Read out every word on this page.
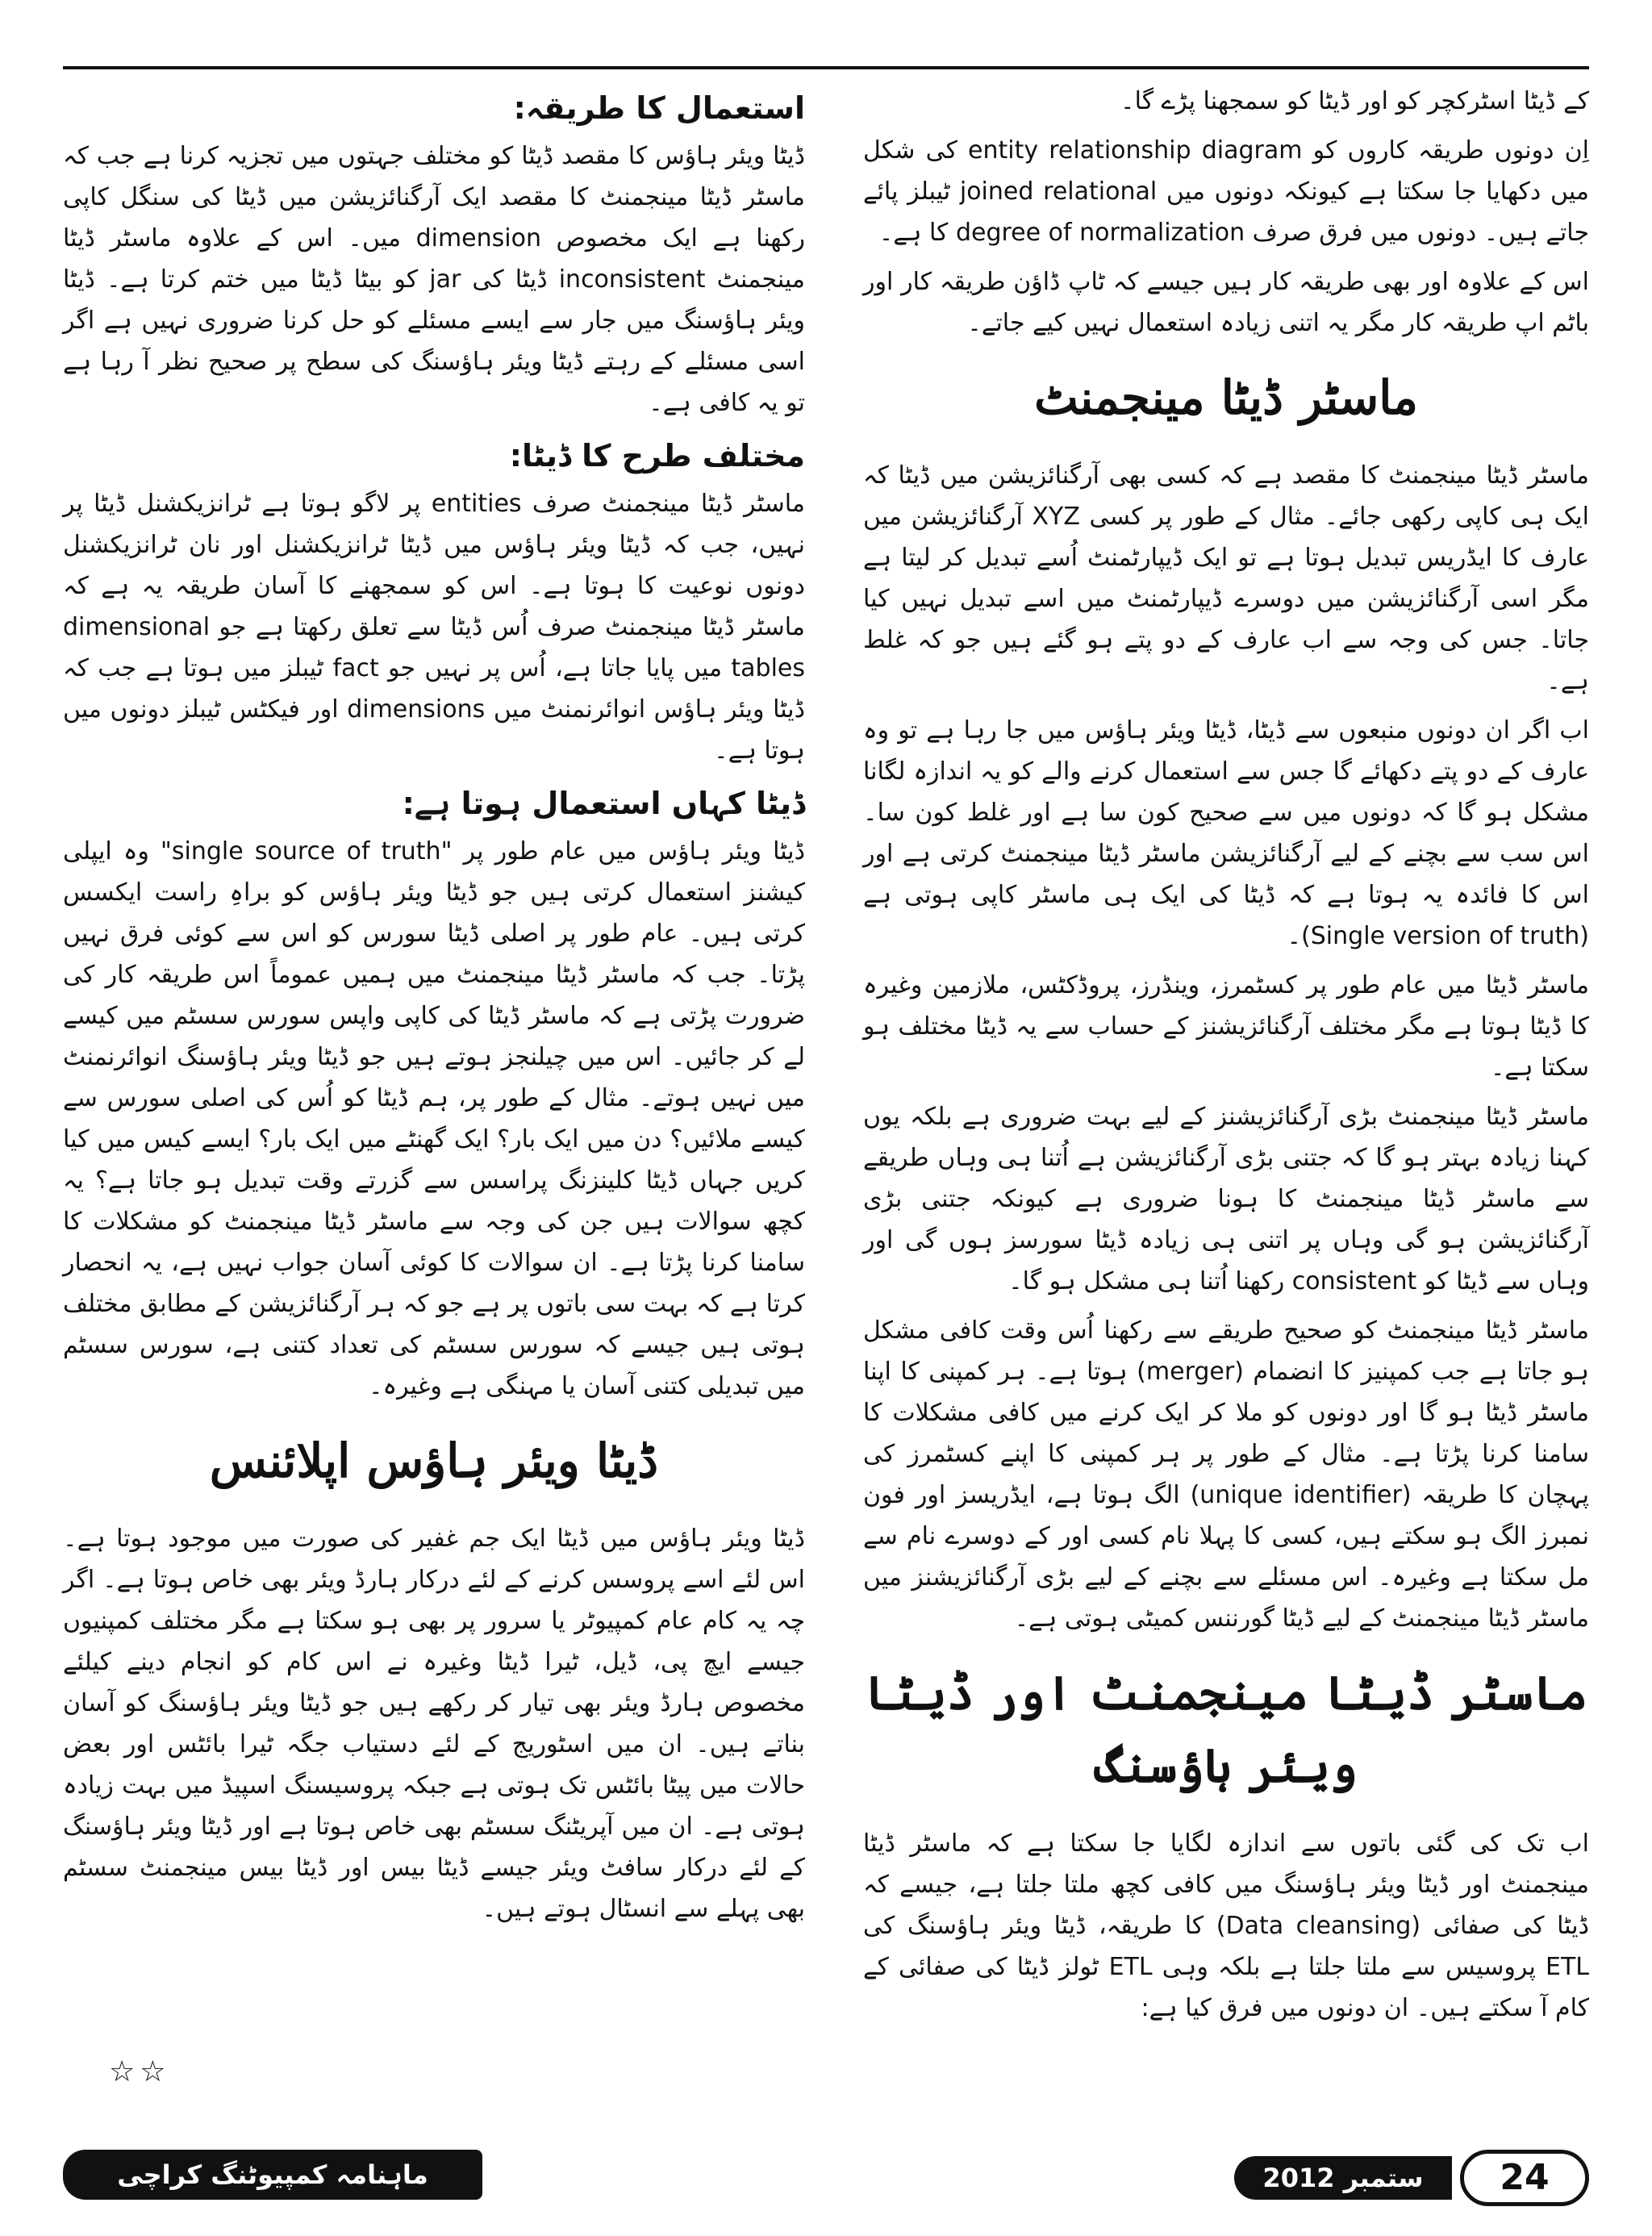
کے ڈیٹا اسٹرکچر کو اور ڈیٹا کو سمجھنا پڑے گا۔

اِن دونوں طریقہ کاروں کو entity relationship diagram کی شکل میں دکھایا جا سکتا ہے کیونکہ دونوں میں joined relational ٹیبلز پائے جاتے ہیں۔ دونوں میں فرق صرف degree of normalization کا ہے۔

اس کے علاوہ اور بھی طریقہ کار ہیں جیسے کہ ٹاپ ڈاؤن طریقہ کار اور باٹم اپ طریقہ کار مگر یہ اتنی زیادہ استعمال نہیں کیے جاتے۔

ماسٹر ڈیٹا مینجمنٹ

ماسٹر ڈیٹا مینجمنٹ کا مقصد ہے کہ کسی بھی آرگنائزیشن میں ڈیٹا کہ ایک ہی کاپی رکھی جائے۔ مثال کے طور پر کسی XYZ آرگنائزیشن میں عارف کا ایڈریس تبدیل ہوتا ہے تو ایک ڈیپارٹمنٹ اُسے تبدیل کر لیتا ہے مگر اسی آرگنائزیشن میں دوسرے ڈیپارٹمنٹ میں اسے تبدیل نہیں کیا جاتا۔ جس کی وجہ سے اب عارف کے دو پتے ہو گئے ہیں جو کہ غلط ہے۔

اب اگر ان دونوں منبعوں سے ڈیٹا، ڈیٹا ویئر ہاؤس میں جا رہا ہے تو وہ عارف کے دو پتے دکھائے گا جس سے استعمال کرنے والے کو یہ اندازہ لگانا مشکل ہو گا کہ دونوں میں سے صحیح کون سا ہے اور غلط کون سا۔ اس سب سے بچنے کے لیے آرگنائزیشن ماسٹر ڈیٹا مینجمنٹ کرتی ہے اور اس کا فائدہ یہ ہوتا ہے کہ ڈیٹا کی ایک ہی ماسٹر کاپی ہوتی ہے (Single version of truth)۔

ماسٹر ڈیٹا میں عام طور پر کسٹمرز، وینڈرز، پروڈکٹس، ملازمین وغیرہ کا ڈیٹا ہوتا ہے مگر مختلف آرگنائزیشنز کے حساب سے یہ ڈیٹا مختلف ہو سکتا ہے۔

ماسٹر ڈیٹا مینجمنٹ بڑی آرگنائزیشنز کے لیے بہت ضروری ہے بلکہ یوں کہنا زیادہ بہتر ہو گا کہ جتنی بڑی آرگنائزیشن ہے اُتنا ہی وہاں طریقے سے ماسٹر ڈیٹا مینجمنٹ کا ہونا ضروری ہے کیونکہ جتنی بڑی آرگنائزیشن ہو گی وہاں پر اتنی ہی زیادہ ڈیٹا سورسز ہوں گی اور وہاں سے ڈیٹا کو consistent رکھنا اُتنا ہی مشکل ہو گا۔

ماسٹر ڈیٹا مینجمنٹ کو صحیح طریقے سے رکھنا اُس وقت کافی مشکل ہو جاتا ہے جب کمپنیز کا انضمام (merger) ہوتا ہے۔ ہر کمپنی کا اپنا ماسٹر ڈیٹا ہو گا اور دونوں کو ملا کر ایک کرنے میں کافی مشکلات کا سامنا کرنا پڑتا ہے۔ مثال کے طور پر ہر کمپنی کا اپنے کسٹمرز کی پہچان کا طریقہ (unique identifier) الگ ہوتا ہے، ایڈریسز اور فون نمبرز الگ ہو سکتے ہیں، کسی کا پہلا نام کسی اور کے دوسرے نام سے مل سکتا ہے وغیرہ۔ اس مسئلے سے بچنے کے لیے بڑی آرگنائزیشنز میں ماسٹر ڈیٹا مینجمنٹ کے لیے ڈیٹا گورننس کمیٹی ہوتی ہے۔

ماسٹر ڈیٹا مینجمنٹ اور ڈیٹا ویئر ہاؤسنگ

اب تک کی گئی باتوں سے اندازہ لگایا جا سکتا ہے کہ ماسٹر ڈیٹا مینجمنٹ اور ڈیٹا ویئر ہاؤسنگ میں کافی کچھ ملتا جلتا ہے، جیسے کہ ڈیٹا کی صفائی (Data cleansing) کا طریقہ، ڈیٹا ویئر ہاؤسنگ کی ETL پروسیس سے ملتا جلتا ہے بلکہ وہی ETL ٹولز ڈیٹا کی صفائی کے کام آ سکتے ہیں۔ ان دونوں میں فرق کیا ہے:

استعمال کا طریقہ:

ڈیٹا ویئر ہاؤس کا مقصد ڈیٹا کو مختلف جہتوں میں تجزیہ کرنا ہے جب کہ ماسٹر ڈیٹا مینجمنٹ کا مقصد ایک آرگنائزیشن میں ڈیٹا کی سنگل کاپی رکھنا ہے ایک مخصوص dimension میں۔ اس کے علاوہ ماسٹر ڈیٹا مینجمنٹ inconsistent ڈیٹا کی jar کو بیٹا ڈیٹا میں ختم کرتا ہے۔ ڈیٹا ویئر ہاؤسنگ میں جار سے ایسے مسئلے کو حل کرنا ضروری نہیں ہے اگر اسی مسئلے کے رہتے ڈیٹا ویئر ہاؤسنگ کی سطح پر صحیح نظر آ رہا ہے تو یہ کافی ہے۔

مختلف طرح کا ڈیٹا:

ماسٹر ڈیٹا مینجمنٹ صرف entities پر لاگو ہوتا ہے ٹرانزیکشنل ڈیٹا پر نہیں، جب کہ ڈیٹا ویئر ہاؤس میں ڈیٹا ٹرانزیکشنل اور نان ٹرانزیکشنل دونوں نوعیت کا ہوتا ہے۔ اس کو سمجھنے کا آسان طریقہ یہ ہے کہ ماسٹر ڈیٹا مینجمنٹ صرف اُس ڈیٹا سے تعلق رکھتا ہے جو dimensional tables میں پایا جاتا ہے، اُس پر نہیں جو fact ٹیبلز میں ہوتا ہے جب کہ ڈیٹا ویئر ہاؤس انوائرنمنٹ میں dimensions اور فیکٹس ٹیبلز دونوں میں ہوتا ہے۔

ڈیٹا کہاں استعمال ہوتا ہے:

ڈیٹا ویئر ہاؤس میں عام طور پر "single source of truth" وہ ایپلی کیشنز استعمال کرتی ہیں جو ڈیٹا ویئر ہاؤس کو براہِ راست ایکسس کرتی ہیں۔ عام طور پر اصلی ڈیٹا سورس کو اس سے کوئی فرق نہیں پڑتا۔ جب کہ ماسٹر ڈیٹا مینجمنٹ میں ہمیں عموماً اس طریقہ کار کی ضرورت پڑتی ہے کہ ماسٹر ڈیٹا کی کاپی واپس سورس سسٹم میں کیسے لے کر جائیں۔ اس میں چیلنجز ہوتے ہیں جو ڈیٹا ویئر ہاؤسنگ انوائرنمنٹ میں نہیں ہوتے۔ مثال کے طور پر، ہم ڈیٹا کو اُس کی اصلی سورس سے کیسے ملائیں؟ دن میں ایک بار؟ ایک گھنٹے میں ایک بار؟ ایسے کیس میں کیا کریں جہاں ڈیٹا کلینزنگ پراسس سے گزرتے وقت تبدیل ہو جاتا ہے؟ یہ کچھ سوالات ہیں جن کی وجہ سے ماسٹر ڈیٹا مینجمنٹ کو مشکلات کا سامنا کرنا پڑتا ہے۔ ان سوالات کا کوئی آسان جواب نہیں ہے، یہ انحصار کرتا ہے کہ بہت سی باتوں پر ہے جو کہ ہر آرگنائزیشن کے مطابق مختلف ہوتی ہیں جیسے کہ سورس سسٹم کی تعداد کتنی ہے، سورس سسٹم میں تبدیلی کتنی آسان یا مہنگی ہے وغیرہ۔

ڈیٹا ویئر ہاؤس اپلائنس

ڈیٹا ویئر ہاؤس میں ڈیٹا ایک جم غفیر کی صورت میں موجود ہوتا ہے۔ اس لئے اسے پروسس کرنے کے لئے درکار ہارڈ ویئر بھی خاص ہوتا ہے۔ اگر چہ یہ کام عام کمپیوٹر یا سرور پر بھی ہو سکتا ہے مگر مختلف کمپنیوں جیسے ایچ پی، ڈیل، ٹیرا ڈیٹا وغیرہ نے اس کام کو انجام دینے کیلئے مخصوص ہارڈ ویئر بھی تیار کر رکھے ہیں جو ڈیٹا ویئر ہاؤسنگ کو آسان بناتے ہیں۔ ان میں اسٹوریج کے لئے دستیاب جگہ ٹیرا بائٹس اور بعض حالات میں پیٹا بائٹس تک ہوتی ہے جبکہ پروسیسنگ اسپیڈ میں بہت زیادہ ہوتی ہے۔ ان میں آپریٹنگ سسٹم بھی خاص ہوتا ہے اور ڈیٹا ویئر ہاؤسنگ کے لئے درکار سافٹ ویئر جیسے ڈیٹا بیس اور ڈیٹا بیس مینجمنٹ سسٹم بھی پہلے سے انسٹال ہوتے ہیں۔

☆☆
ماہنامہ کمپیوٹنگ کراچی	ستمبر 2012	24
